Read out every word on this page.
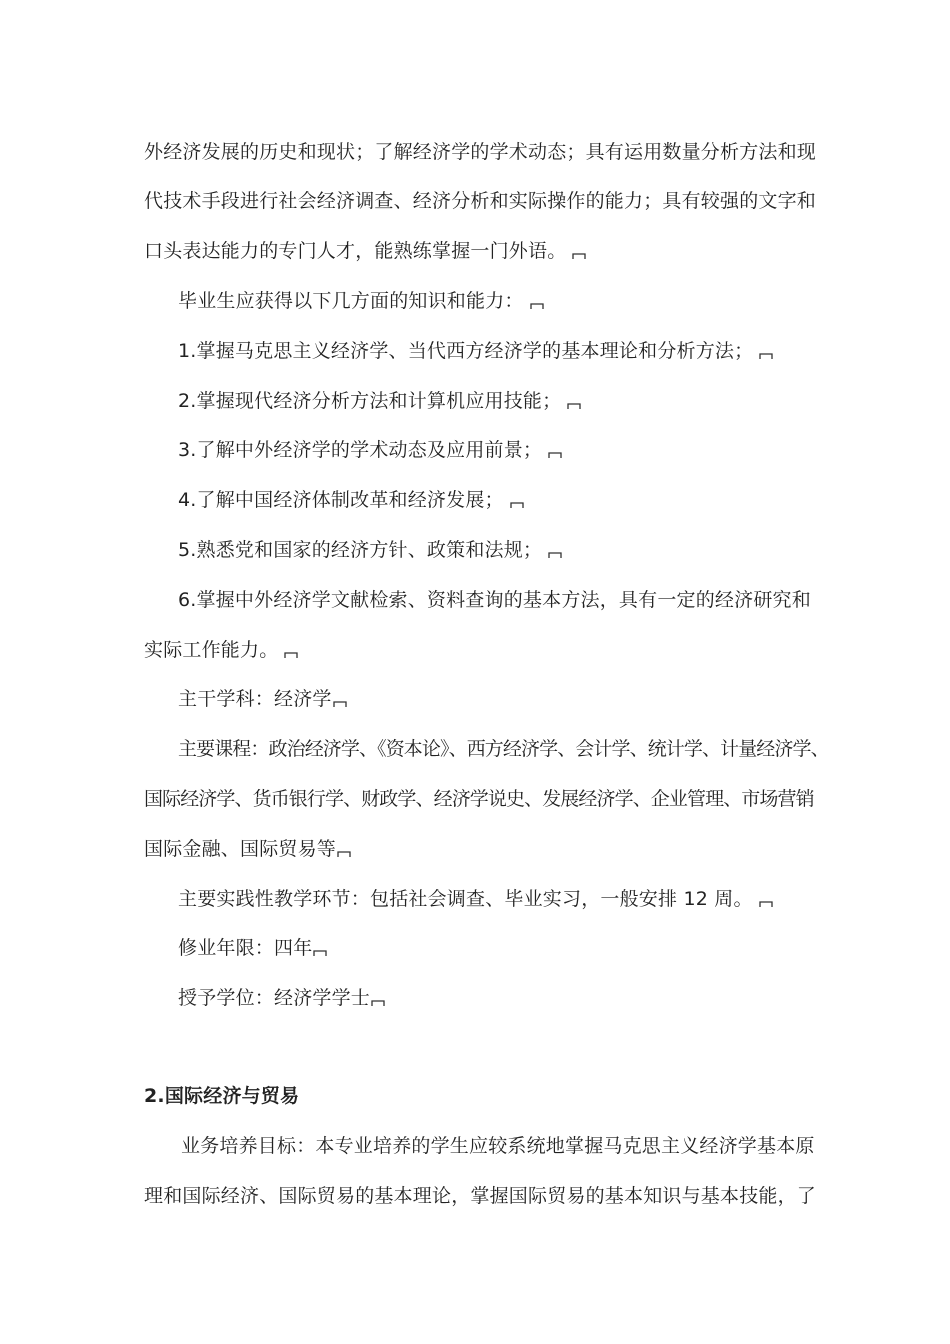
外经济发展的历史和现状；了解经济学的学术动态；具有运用数量分析方法和现
代技术手段进行社会经济调查、经济分析和实际操作的能力；具有较强的文字和
口头表达能力的专门人才，能熟练掌握一门外语。
毕业生应获得以下几方面的知识和能力：
1.掌握马克思主义经济学、当代西方经济学的基本理论和分析方法；
2.掌握现代经济分析方法和计算机应用技能；
3.了解中外经济学的学术动态及应用前景；
4.了解中国经济体制改革和经济发展；
5.熟悉党和国家的经济方针、政策和法规；
6.掌握中外经济学文献检索、资料查询的基本方法，具有一定的经济研究和
实际工作能力。
主干学科：经济学
主要课程：政治经济学、《资本论》、西方经济学、会计学、统计学、计量经济学、
国际经济学、货币银行学、财政学、经济学说史、发展经济学、企业管理、市场营销
国际金融、国际贸易等
主要实践性教学环节：包括社会调查、毕业实习，一般安排 12 周。
修业年限：四年
授予学位：经济学学士
2.国际经济与贸易
业务培养目标：本专业培养的学生应较系统地掌握马克思主义经济学基本原
理和国际经济、国际贸易的基本理论，掌握国际贸易的基本知识与基本技能，了
